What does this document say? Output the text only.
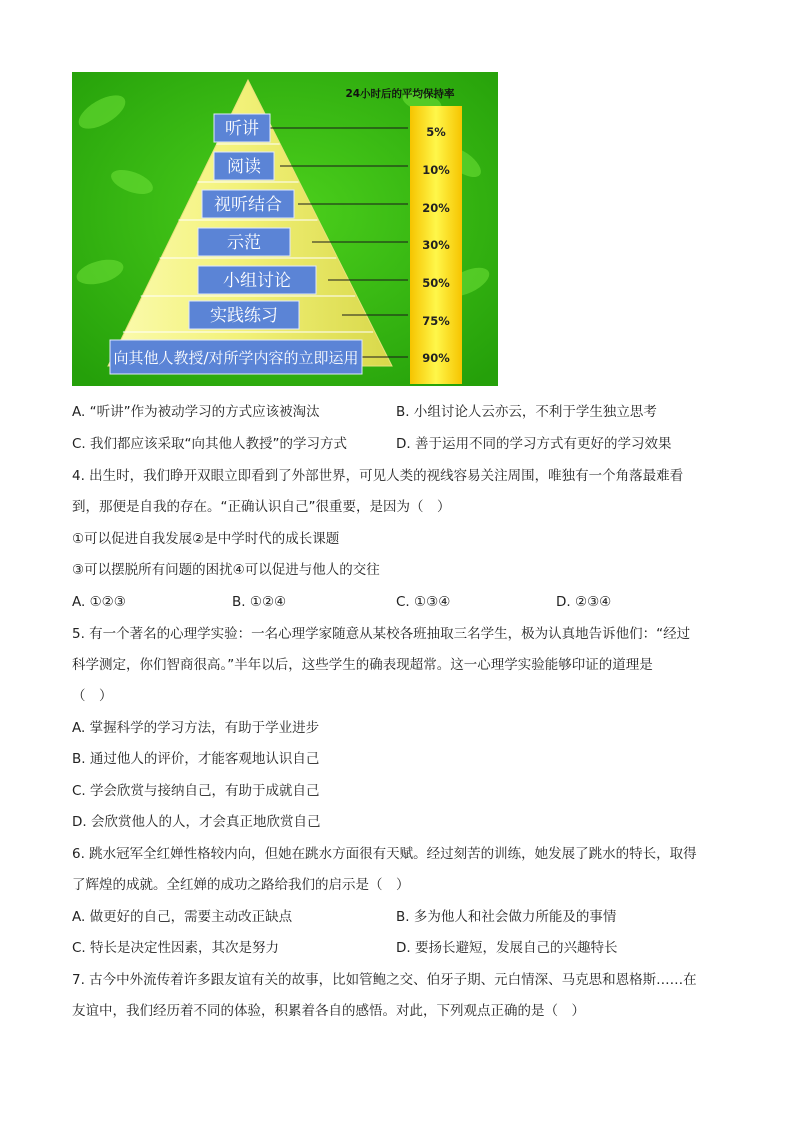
24小时后的平均保持率
听讲	5%
阅读	10%
视听结合	20%
示范	30%
小组讨论	50%
实践练习	75%
向其他人教授/对所学内容的立即运用	90%
A. “听讲”作为被动学习的方式应该被淘汰	B. 小组讨论人云亦云，不利于学生独立思考
C. 我们都应该采取“向其他人教授”的学习方式	D. 善于运用不同的学习方式有更好的学习效果
4. 出生时，我们睁开双眼立即看到了外部世界，可见人类的视线容易关注周围，唯独有一个角落最难看
到，那便是自我的存在。“正确认识自己”很重要，是因为（　）
①可以促进自我发展②是中学时代的成长课题
③可以摆脱所有问题的困扰④可以促进与他人的交往
A. ①②③	B. ①②④	C. ①③④	D. ②③④
5. 有一个著名的心理学实验：一名心理学家随意从某校各班抽取三名学生，极为认真地告诉他们：“经过
科学测定，你们智商很高。”半年以后，这些学生的确表现超常。这一心理学实验能够印证的道理是
（　）
A. 掌握科学的学习方法，有助于学业进步
B. 通过他人的评价，才能客观地认识自己
C. 学会欣赏与接纳自己，有助于成就自己
D. 会欣赏他人的人，才会真正地欣赏自己
6. 跳水冠军全红婵性格较内向，但她在跳水方面很有天赋。经过刻苦的训练，她发展了跳水的特长，取得
了辉煌的成就。全红婵的成功之路给我们的启示是（　）
A. 做更好的自己，需要主动改正缺点	B. 多为他人和社会做力所能及的事情
C. 特长是决定性因素，其次是努力	D. 要扬长避短，发展自己的兴趣特长
7. 古今中外流传着许多跟友谊有关的故事，比如管鲍之交、伯牙子期、元白情深、马克思和恩格斯……在
友谊中，我们经历着不同的体验，积累着各自的感悟。对此，下列观点正确的是（　）
